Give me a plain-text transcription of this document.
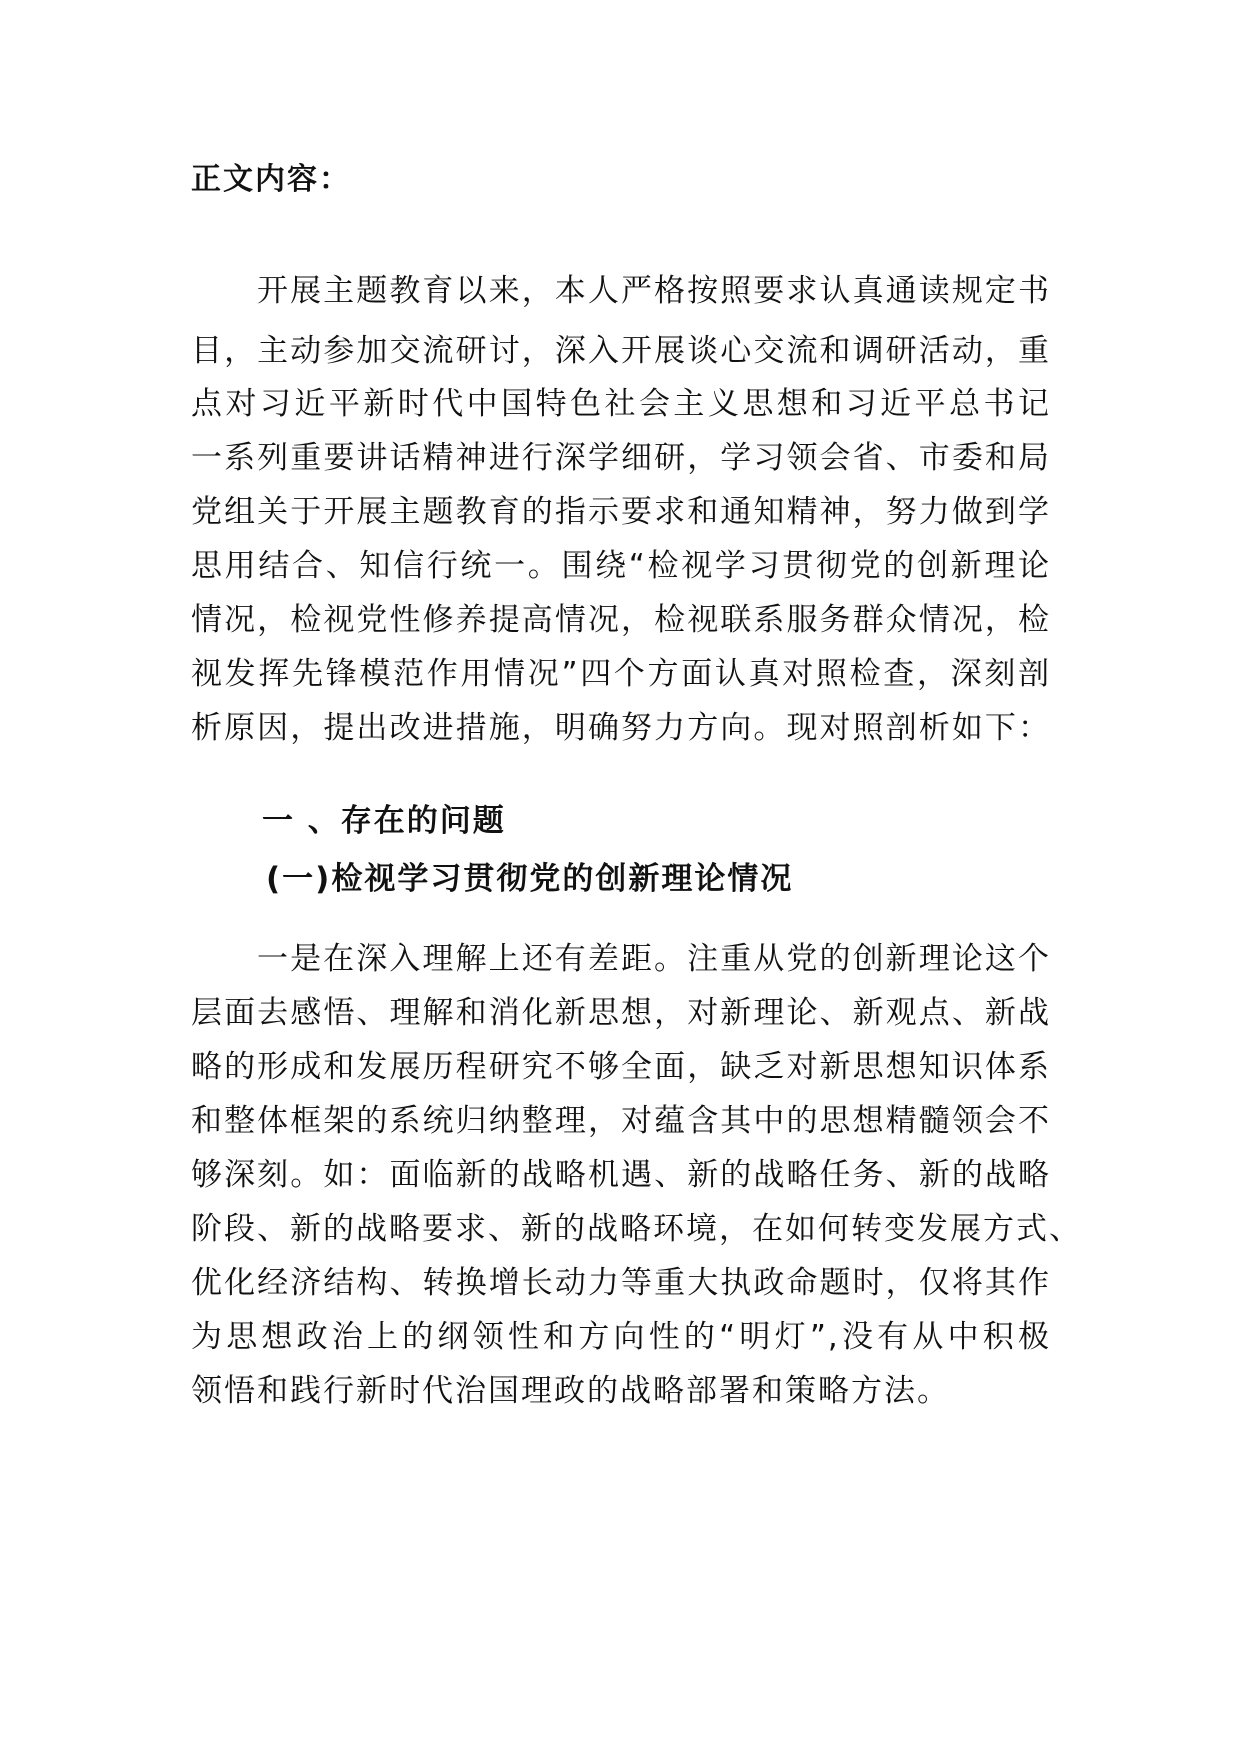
正文内容：
开展主题教育以来，本人严格按照要求认真通读规定书
目，主动参加交流研讨，深入开展谈心交流和调研活动，重
点对习近平新时代中国特色社会主义思想和习近平总书记
一系列重要讲话精神进行深学细研，学习领会省、市委和局
党组关于开展主题教育的指示要求和通知精神，努力做到学
思用结合、知信行统一。围绕“检视学习贯彻党的创新理论
情况，检视党性修养提高情况，检视联系服务群众情况，检
视发挥先锋模范作用情况”四个方面认真对照检查，深刻剖
析原因，提出改进措施，明确努力方向。现对照剖析如下：
一 、存在的问题
(一)检视学习贯彻党的创新理论情况
一是在深入理解上还有差距。注重从党的创新理论这个
层面去感悟、理解和消化新思想，对新理论、新观点、新战
略的形成和发展历程研究不够全面，缺乏对新思想知识体系
和整体框架的系统归纳整理，对蕴含其中的思想精髓领会不
够深刻。如：面临新的战略机遇、新的战略任务、新的战略
阶段、新的战略要求、新的战略环境，在如何转变发展方式、
优化经济结构、转换增长动力等重大执政命题时，仅将其作
为思想政治上的纲领性和方向性的“明灯”,没有从中积极
领悟和践行新时代治国理政的战略部署和策略方法。
